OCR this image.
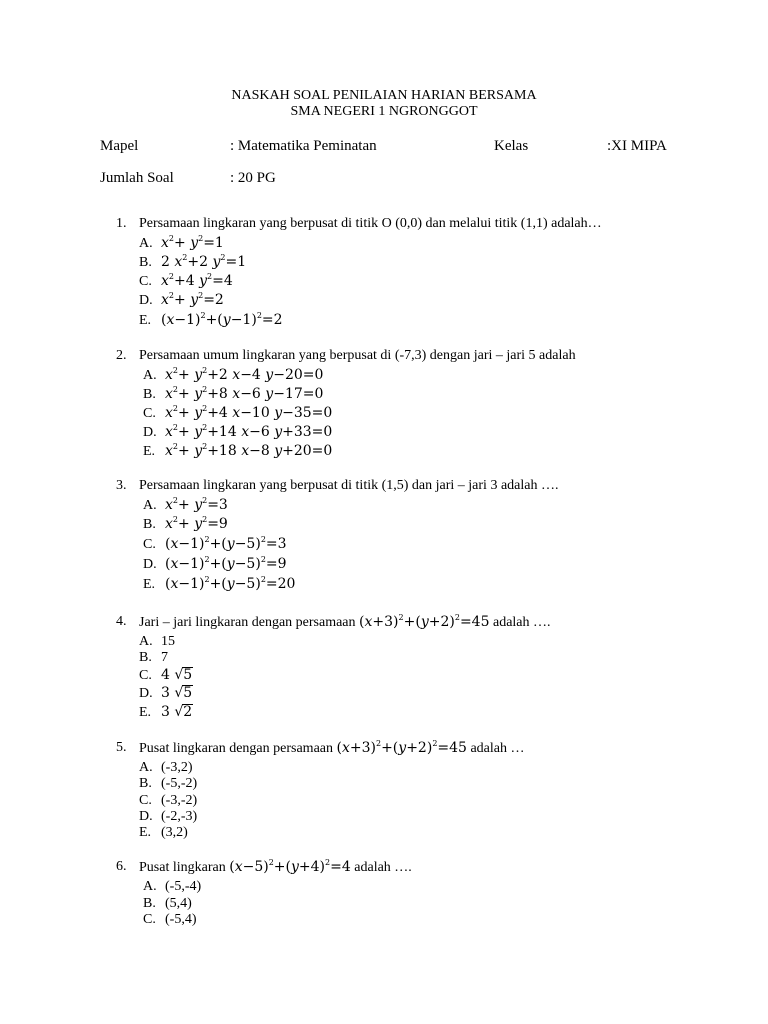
NASKAH SOAL PENILAIAN HARIAN BERSAMA
SMA NEGERI 1 NGRONGGOT
Mapel	: Matematika Peminatan	Kelas	:XI MIPA
Jumlah Soal	: 20 PG
1. Persamaan lingkaran yang berpusat di titik O (0,0) dan melalui titik (1,1) adalah…
A. $x^2+ y^2=1$
B. 2 $x^2+2$ $y^2=1$
C. $x^2+4$ $y^2=4$
D. $x^2+ y^2=2$
E. $(x-1)^2+(y-1)^2=2$
2. Persamaan umum lingkaran yang berpusat di (-7,3) dengan jari – jari 5 adalah
A. $x^2+ y^2+2$ x−4 y−20=0
B. $x^2+ y^2+8$ x−6 y−17=0
C. $x^2+ y^2+4$ x−10 y−35=0
D. $x^2+ y^2+14$ x−6 y+33=0
E. $x^2+ y^2+18$ x−8 y+20=0
3. Persamaan lingkaran yang berpusat di titik (1,5) dan jari – jari 3 adalah ….
A. $x^2+ y^2=3$
B. $x^2+ y^2=9$
C. $(x-1)^2+(y-5)^2=3$
D. $(x-1)^2+(y-5)^2=9$
E. $(x-1)^2+(y-5)^2=20$
4. Jari – jari lingkaran dengan persamaan $(x+3)^2+(y+2)^2=45$ adalah ….
A. 15
B. 7
C. 4 √5
D. 3 √5
E. 3 √2
5. Pusat lingkaran dengan persamaan $(x+3)^2+(y+2)^2=45$ adalah …
A. (-3,2)
B. (-5,-2)
C. (-3,-2)
D. (-2,-3)
E. (3,2)
6. Pusat lingkaran $(x-5)^2+(y+4)^2=4$ adalah ….
A. (-5,-4)
B. (5,4)
C. (-5,4)
